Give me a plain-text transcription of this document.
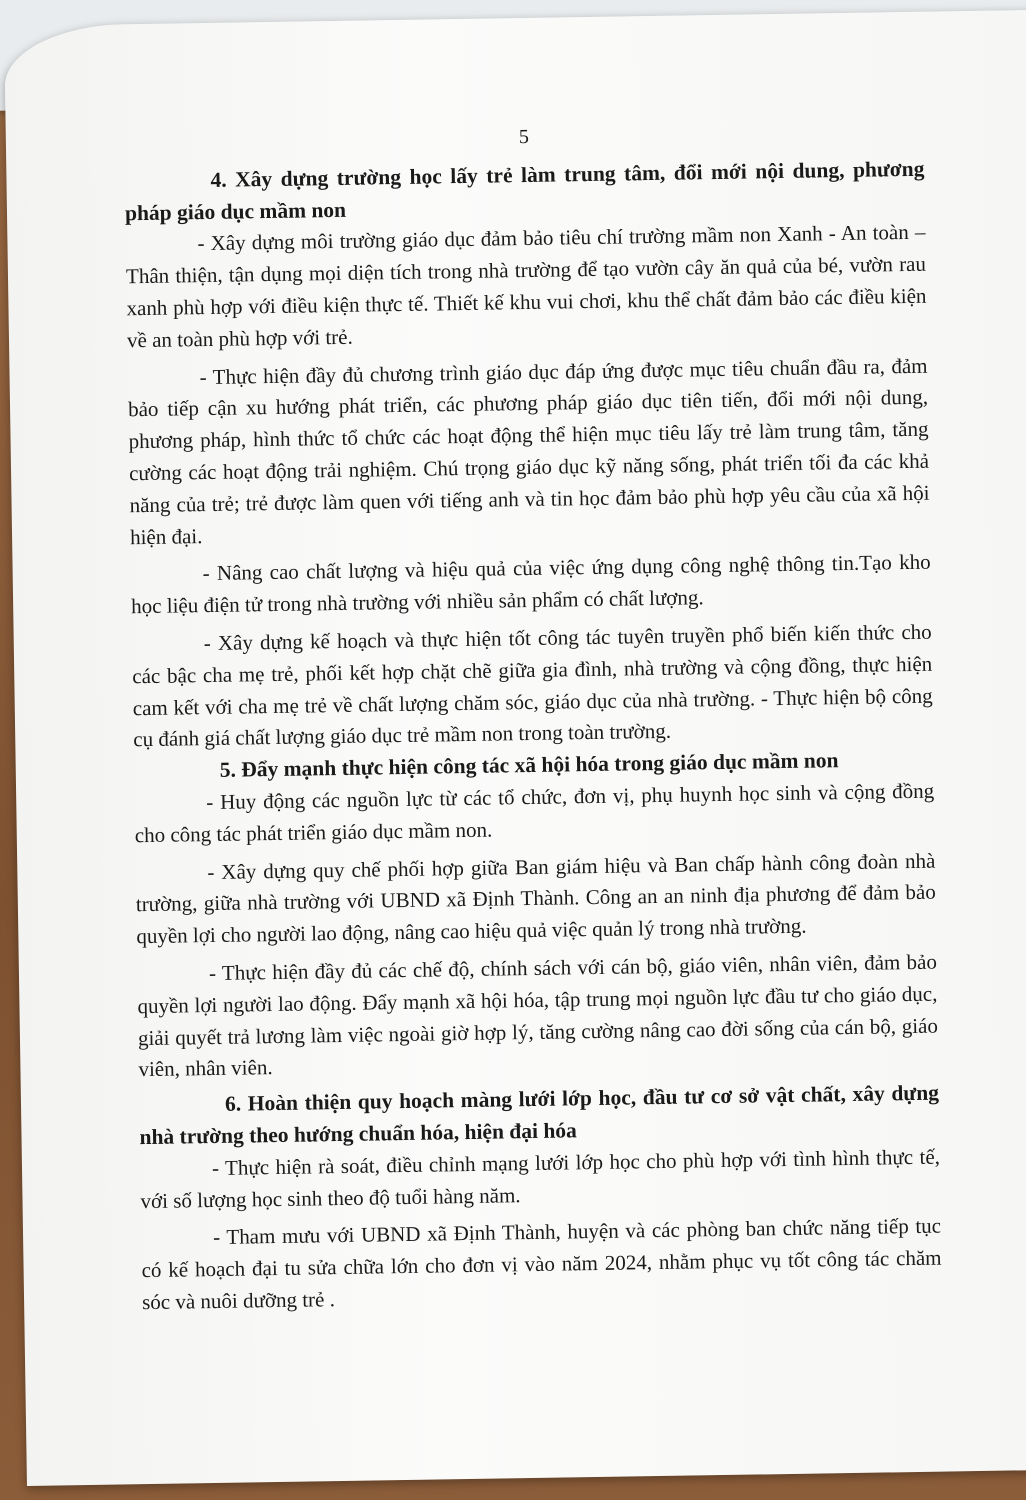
5
4. Xây dựng trường học lấy trẻ làm trung tâm, đổi mới nội dung, phương pháp giáo dục mầm non

- Xây dựng môi trường giáo dục đảm bảo tiêu chí trường mầm non Xanh - An toàn – Thân thiện, tận dụng mọi diện tích trong nhà trường để tạo vườn cây ăn quả của bé, vườn rau xanh phù hợp với điều kiện thực tế. Thiết kế khu vui chơi, khu thể chất đảm bảo các điều kiện về an toàn phù hợp với trẻ.

- Thực hiện đầy đủ chương trình giáo dục đáp ứng được mục tiêu chuẩn đầu ra, đảm bảo tiếp cận xu hướng phát triển, các phương pháp giáo dục tiên tiến, đổi mới nội dung, phương pháp, hình thức tổ chức các hoạt động thể hiện mục tiêu lấy trẻ làm trung tâm, tăng cường các hoạt động trải nghiệm. Chú trọng giáo dục kỹ năng sống, phát triển tối đa các khả năng của trẻ; trẻ được làm quen với tiếng anh và tin học đảm bảo phù hợp yêu cầu của xã hội hiện đại.

- Nâng cao chất lượng và hiệu quả của việc ứng dụng công nghệ thông tin.Tạo kho học liệu điện tử trong nhà trường với nhiều sản phẩm có chất lượng.

- Xây dựng kế hoạch và thực hiện tốt công tác tuyên truyền phổ biến kiến thức cho các bậc cha mẹ trẻ, phối kết hợp chặt chẽ giữa gia đình, nhà trường và cộng đồng, thực hiện cam kết với cha mẹ trẻ về chất lượng chăm sóc, giáo dục của nhà trường. - Thực hiện bộ công cụ đánh giá chất lượng giáo dục trẻ mầm non trong toàn trường.

5. Đẩy mạnh thực hiện công tác xã hội hóa trong giáo dục mầm non

- Huy động các nguồn lực từ các tổ chức, đơn vị, phụ huynh học sinh và cộng đồng cho công tác phát triển giáo dục mầm non.

- Xây dựng quy chế phối hợp giữa Ban giám hiệu và Ban chấp hành công đoàn nhà trường, giữa nhà trường với UBND xã Định Thành. Công an an ninh địa phương để đảm bảo quyền lợi cho người lao động, nâng cao hiệu quả việc quản lý trong nhà trường.

- Thực hiện đầy đủ các chế độ, chính sách với cán bộ, giáo viên, nhân viên, đảm bảo quyền lợi người lao động. Đẩy mạnh xã hội hóa, tập trung mọi nguồn lực đầu tư cho giáo dục, giải quyết trả lương làm việc ngoài giờ hợp lý, tăng cường nâng cao đời sống của cán bộ, giáo viên, nhân viên.

6. Hoàn thiện quy hoạch màng lưới lớp học, đầu tư cơ sở vật chất, xây dựng nhà trường theo hướng chuẩn hóa, hiện đại hóa

- Thực hiện rà soát, điều chỉnh mạng lưới lớp học cho phù hợp với tình hình thực tế, với số lượng học sinh theo độ tuổi hàng năm.

- Tham mưu với UBND xã Định Thành, huyện và các phòng ban chức năng tiếp tục có kế hoạch đại tu sửa chữa lớn cho đơn vị vào năm 2024, nhằm phục vụ tốt công tác chăm sóc và nuôi dưỡng trẻ .
